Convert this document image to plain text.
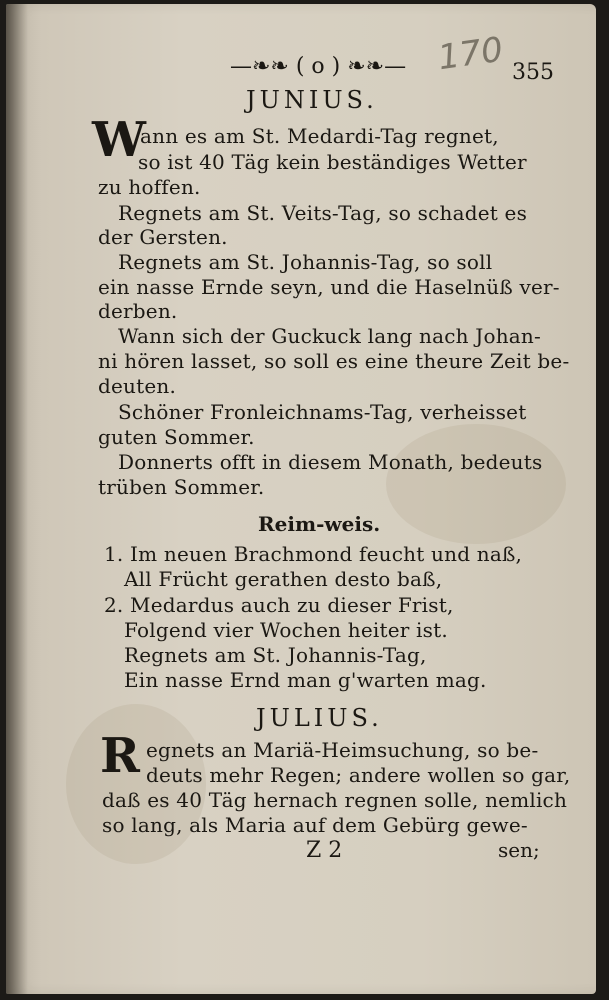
—❧❧ ( o ) ❧❧— 170 355
JUNIUS.
W
ann es am St. Medardi-Tag regnet,
so ist 40 Täg kein beständiges Wetter
zu hoffen.
Regnets am St. Veits-Tag, so schadet es
der Gersten.
Regnets am St. Johannis-Tag, so soll
ein nasse Ernde seyn, und die Haselnüß ver-
derben.
Wann sich der Guckuck lang nach Johan-
ni hören lasset, so soll es eine theure Zeit be-
deuten.
Schöner Fronleichnams-Tag, verheisset
guten Sommer.
Donnerts offt in diesem Monath, bedeuts
trüben Sommer.
Reim-weis.
1. Im neuen Brachmond feucht und naß,
All Frücht gerathen desto baß,
2. Medardus auch zu dieser Frist,
Folgend vier Wochen heiter ist.
Regnets am St. Johannis-Tag,
Ein nasse Ernd man g'warten mag.
JULIUS.
R egnets an Mariä-Heimsuchung, so be-
deuts mehr Regen; andere wollen so gar,
daß es 40 Täg hernach regnen solle, nemlich
so lang, als Maria auf dem Gebürg gewe-
Z 2	sen;
